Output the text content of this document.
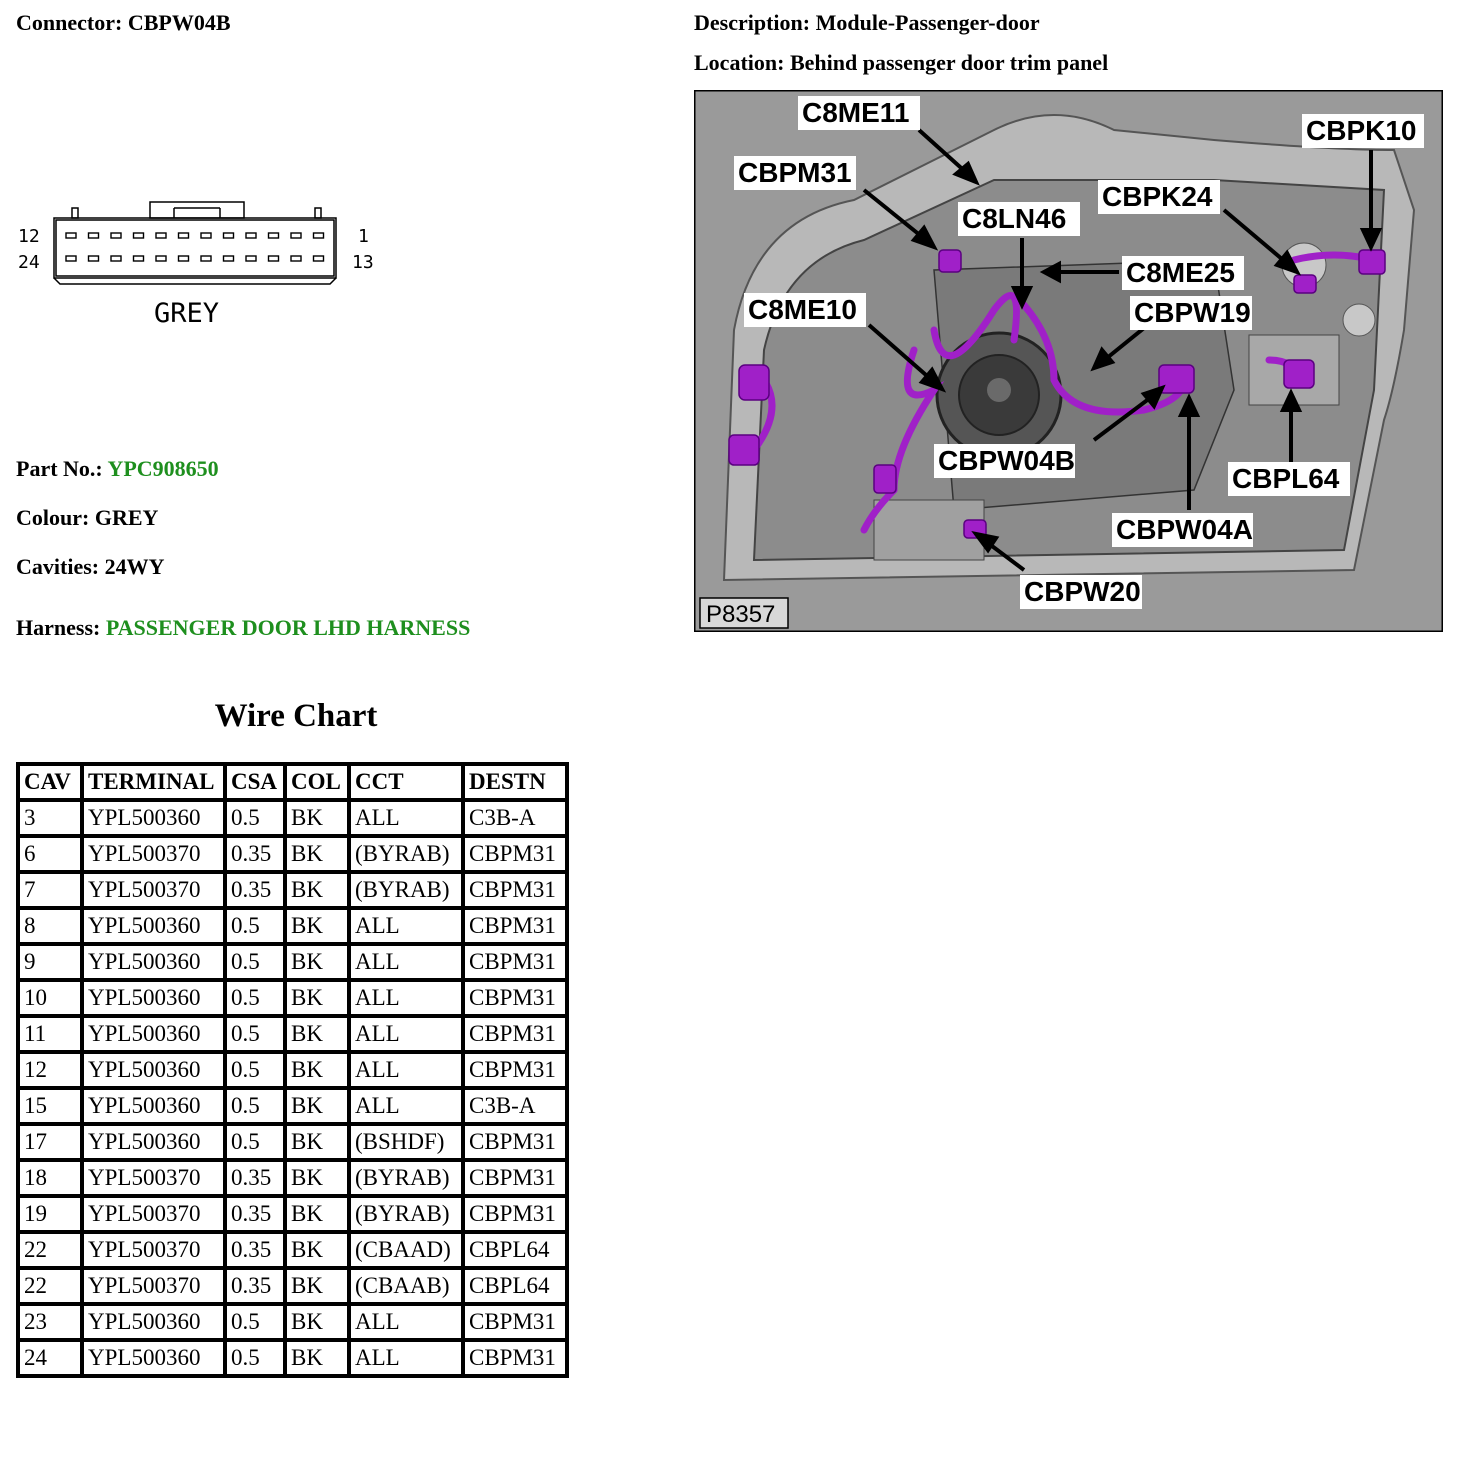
Connector: CBPW04B	Description: Module-Passenger-door
Location: Behind passenger door trim panel
12	1
24	13
GREY
Part No.: YPC908650
Colour: GREY
Cavities: 24WY
Harness: PASSENGER DOOR LHD HARNESS
Wire Chart
CAV	TERMINAL	CSA	COL	CCT	DESTN
3	YPL500360	0.5	BK	ALL	C3B-A
6	YPL500370	0.35	BK	(BYRAB)	CBPM31
7	YPL500370	0.35	BK	(BYRAB)	CBPM31
8	YPL500360	0.5	BK	ALL	CBPM31
9	YPL500360	0.5	BK	ALL	CBPM31
10	YPL500360	0.5	BK	ALL	CBPM31
11	YPL500360	0.5	BK	ALL	CBPM31
12	YPL500360	0.5	BK	ALL	CBPM31
15	YPL500360	0.5	BK	ALL	C3B-A
17	YPL500360	0.5	BK	(BSHDF)	CBPM31
18	YPL500370	0.35	BK	(BYRAB)	CBPM31
19	YPL500370	0.35	BK	(BYRAB)	CBPM31
22	YPL500370	0.35	BK	(CBAAD)	CBPL64
22	YPL500370	0.35	BK	(CBAAB)	CBPL64
23	YPL500360	0.5	BK	ALL	CBPM31
24	YPL500360	0.5	BK	ALL	CBPM31
C8ME11
CBPK10
CBPM31
C8LN46
CBPK24
C8ME25
C8ME10	CBPW19
CBPW04B
CBPL64
CBPW04A
CBPW20
P8357
